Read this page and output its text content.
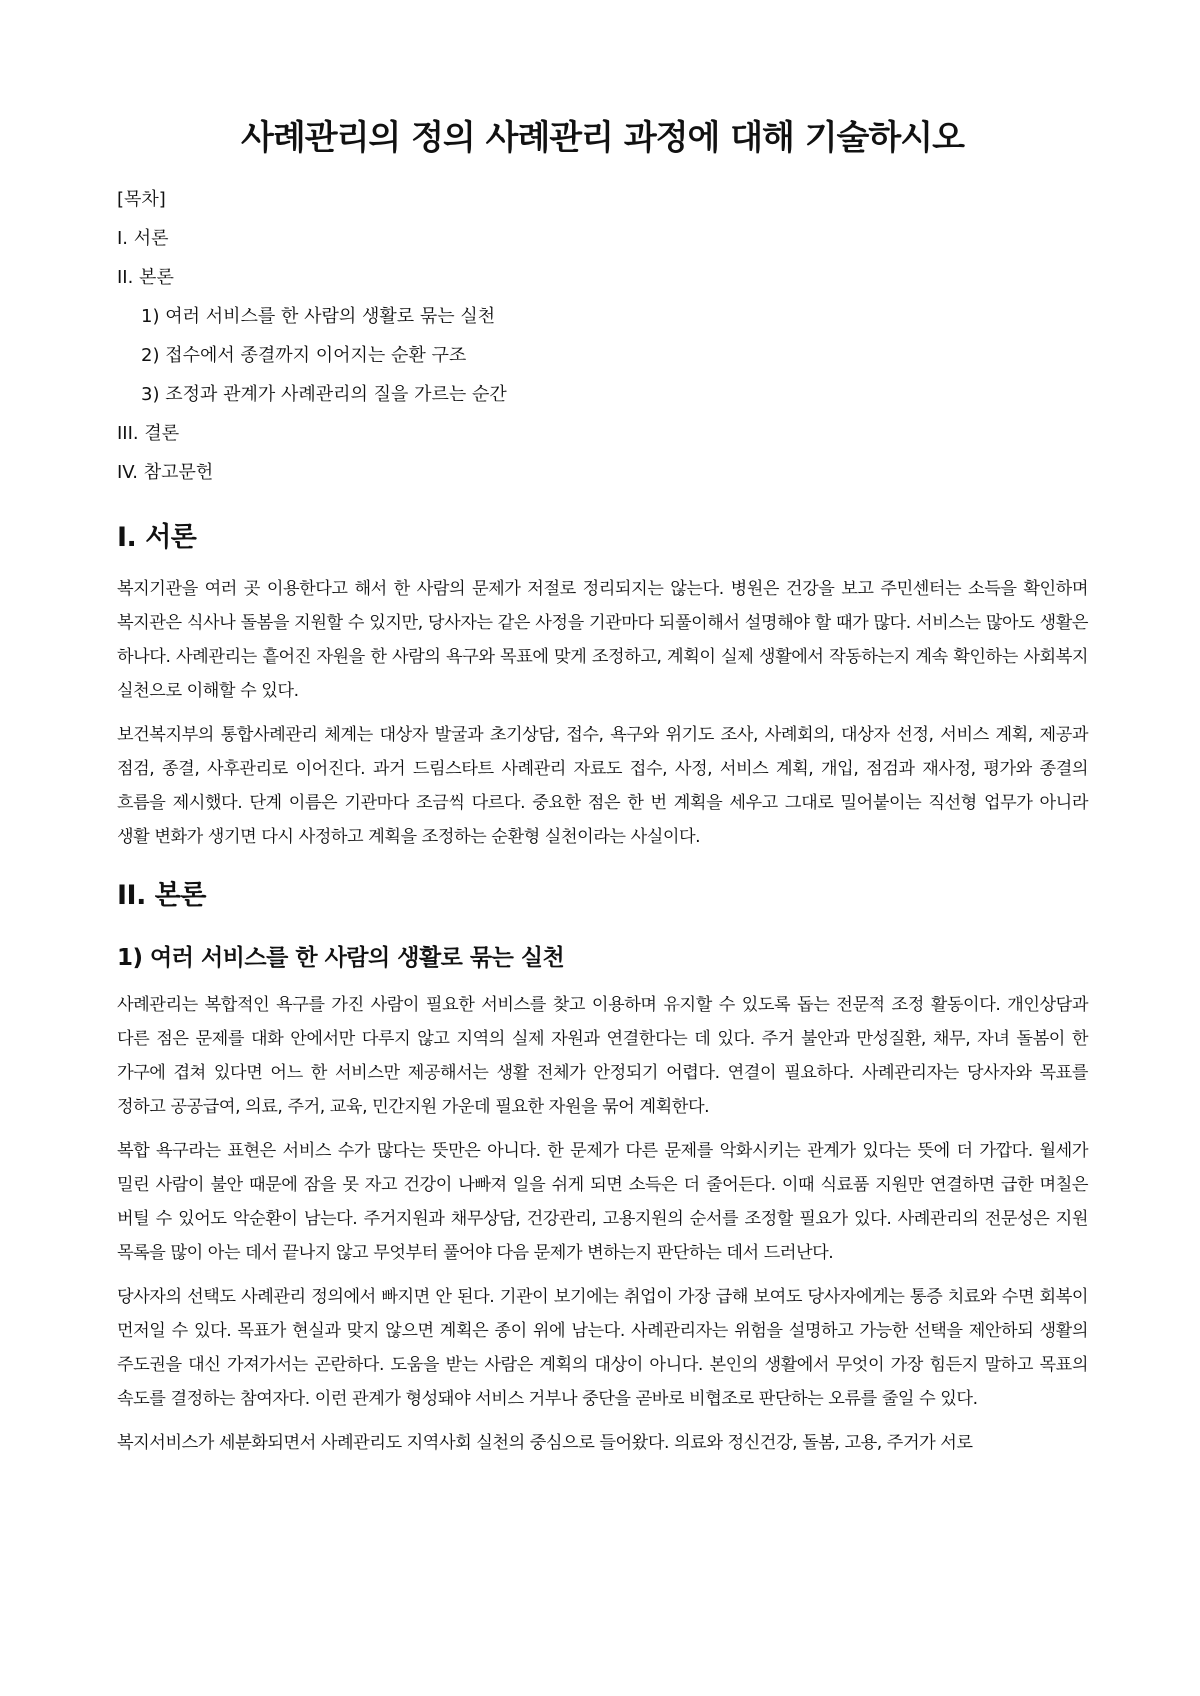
사례관리의 정의 사례관리 과정에 대해 기술하시오
[목차]
I. 서론
II. 본론
1) 여러 서비스를 한 사람의 생활로 묶는 실천
2) 접수에서 종결까지 이어지는 순환 구조
3) 조정과 관계가 사례관리의 질을 가르는 순간
III. 결론
IV. 참고문헌
I. 서론

복지기관을 여러 곳 이용한다고 해서 한 사람의 문제가 저절로 정리되지는 않는다. 병원은 건강을 보고 주민센터는 소득을 확인하며 복지관은 식사나 돌봄을 지원할 수 있지만, 당사자는 같은 사정을 기관마다 되풀이해서 설명해야 할 때가 많다. 서비스는 많아도 생활은 하나다. 사례관리는 흩어진 자원을 한 사람의 욕구와 목표에 맞게 조정하고, 계획이 실제 생활에서 작동하는지 계속 확인하는 사회복지 실천으로 이해할 수 있다.

보건복지부의 통합사례관리 체계는 대상자 발굴과 초기상담, 접수, 욕구와 위기도 조사, 사례회의, 대상자 선정, 서비스 계획, 제공과 점검, 종결, 사후관리로 이어진다. 과거 드림스타트 사례관리 자료도 접수, 사정, 서비스 계획, 개입, 점검과 재사정, 평가와 종결의 흐름을 제시했다. 단계 이름은 기관마다 조금씩 다르다. 중요한 점은 한 번 계획을 세우고 그대로 밀어붙이는 직선형 업무가 아니라 생활 변화가 생기면 다시 사정하고 계획을 조정하는 순환형 실천이라는 사실이다.

II. 본론
1) 여러 서비스를 한 사람의 생활로 묶는 실천

사례관리는 복합적인 욕구를 가진 사람이 필요한 서비스를 찾고 이용하며 유지할 수 있도록 돕는 전문적 조정 활동이다. 개인상담과 다른 점은 문제를 대화 안에서만 다루지 않고 지역의 실제 자원과 연결한다는 데 있다. 주거 불안과 만성질환, 채무, 자녀 돌봄이 한 가구에 겹쳐 있다면 어느 한 서비스만 제공해서는 생활 전체가 안정되기 어렵다. 연결이 필요하다. 사례관리자는 당사자와 목표를 정하고 공공급여, 의료, 주거, 교육, 민간지원 가운데 필요한 자원을 묶어 계획한다.

복합 욕구라는 표현은 서비스 수가 많다는 뜻만은 아니다. 한 문제가 다른 문제를 악화시키는 관계가 있다는 뜻에 더 가깝다. 월세가 밀린 사람이 불안 때문에 잠을 못 자고 건강이 나빠져 일을 쉬게 되면 소득은 더 줄어든다. 이때 식료품 지원만 연결하면 급한 며칠은 버틸 수 있어도 악순환이 남는다. 주거지원과 채무상담, 건강관리, 고용지원의 순서를 조정할 필요가 있다. 사례관리의 전문성은 지원 목록을 많이 아는 데서 끝나지 않고 무엇부터 풀어야 다음 문제가 변하는지 판단하는 데서 드러난다.

당사자의 선택도 사례관리 정의에서 빠지면 안 된다. 기관이 보기에는 취업이 가장 급해 보여도 당사자에게는 통증 치료와 수면 회복이 먼저일 수 있다. 목표가 현실과 맞지 않으면 계획은 종이 위에 남는다. 사례관리자는 위험을 설명하고 가능한 선택을 제안하되 생활의 주도권을 대신 가져가서는 곤란하다. 도움을 받는 사람은 계획의 대상이 아니다. 본인의 생활에서 무엇이 가장 힘든지 말하고 목표의 속도를 결정하는 참여자다. 이런 관계가 형성돼야 서비스 거부나 중단을 곧바로 비협조로 판단하는 오류를 줄일 수 있다.

복지서비스가 세분화되면서 사례관리도 지역사회 실천의 중심으로 들어왔다. 의료와 정신건강, 돌봄, 고용, 주거가 서로
